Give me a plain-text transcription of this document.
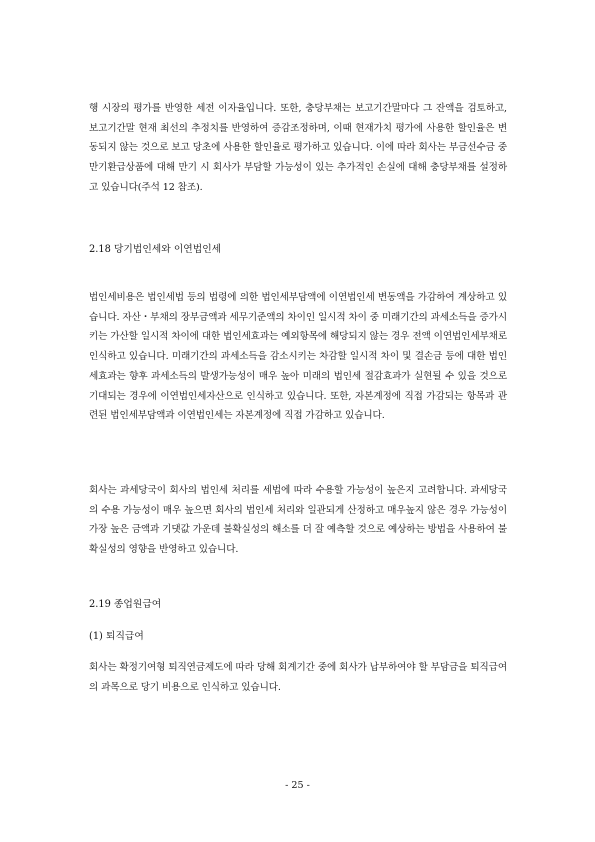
행 시장의 평가를 반영한 세전 이자율입니다. 또한, 충당부채는 보고기간말마다 그 잔액을 검토하고, 보고기간말 현재 최선의 추정치를 반영하여 증감조정하며, 이때 현재가치 평가에 사용한 할인율은 변동되지 않는 것으로 보고 당초에 사용한 할인율로 평가하고 있습니다. 이에 따라 회사는 부금선수금 중 만기환급상품에 대해 만기 시 회사가 부담할 가능성이 있는 추가적인 손실에 대해 충당부채를 설정하고 있습니다(주석 12 참조).

2.18 당기법인세와 이연법인세

법인세비용은 법인세법 등의 법령에 의한 법인세부담액에 이연법인세 변동액을 가감하여 계상하고 있습니다. 자산・부채의 장부금액과 세무기준액의 차이인 일시적 차이 중 미래기간의 과세소득을 증가시키는 가산할 일시적 차이에 대한 법인세효과는 예외항목에 해당되지 않는 경우 전액 이연법인세부채로 인식하고 있습니다. 미래기간의 과세소득을 감소시키는 차감할 일시적 차이 및 결손금 등에 대한 법인세효과는 향후 과세소득의 발생가능성이 매우 높아 미래의 법인세 절감효과가 실현될 수 있을 것으로 기대되는 경우에 이연법인세자산으로 인식하고 있습니다. 또한, 자본계정에 직접 가감되는 항목과 관련된 법인세부담액과 이연법인세는 자본계정에 직접 가감하고 있습니다.

회사는 과세당국이 회사의 법인세 처리를 세법에 따라 수용할 가능성이 높은지 고려합니다. 과세당국의 수용 가능성이 매우 높으면 회사의 법인세 처리와 일관되게 산정하고 매우높지 않은 경우 가능성이 가장 높은 금액과 기댓값 가운데 불확실성의 해소를 더 잘 예측할 것으로 예상하는 방법을 사용하여 불확실성의 영향을 반영하고 있습니다.

2.19 종업원급여

(1) 퇴직급여

회사는 확정기여형 퇴직연금제도에 따라 당해 회계기간 중에 회사가 납부하여야 할 부담금을 퇴직급여의 과목으로 당기 비용으로 인식하고 있습니다.

- 25 -
